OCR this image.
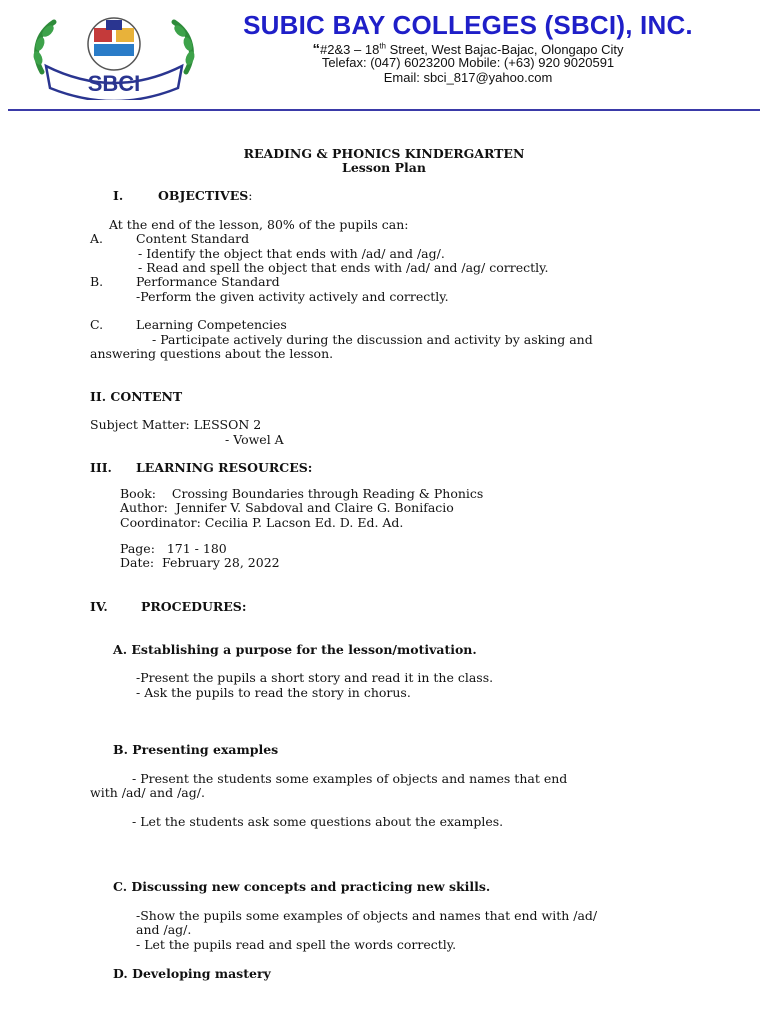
SBCI
SUBIC BAY COLLEGES (SBCI), INC.
“#2&3 – 18th Street, West Bajac-Bajac, Olongapo City
Telefax: (047) 6023200 Mobile: (+63) 920 9020591
Email: sbci_817@yahoo.com
READING & PHONICS KINDERGARTEN
Lesson Plan
I.	OBJECTIVES:
At the end of the lesson, 80% of the pupils can:
A.	Content Standard
- Identify the object that ends with /ad/ and /ag/.
- Read and spell the object that ends with /ad/ and /ag/ correctly.
B.	Performance Standard
-Perform the given activity actively and correctly.
C.	Learning Competencies
- Participate actively during the discussion and activity by asking and
answering questions about the lesson.
II. CONTENT
Subject Matter: LESSON 2
- Vowel A
III. LEARNING RESOURCES:
Book:    Crossing Boundaries through Reading & Phonics
Author:  Jennifer V. Sabdoval and Claire G. Bonifacio
Coordinator: Cecilia P. Lacson Ed. D. Ed. Ad.
Page:   171 - 180
Date:  February 28, 2022
IV.	PROCEDURES:
A. Establishing a purpose for the lesson/motivation.
-Present the pupils a short story and read it in the class.
- Ask the pupils to read the story in chorus.
B. Presenting examples
- Present the students some examples of objects and names that end
with /ad/ and /ag/.
- Let the students ask some questions about the examples.
C. Discussing new concepts and practicing new skills.
-Show the pupils some examples of objects and names that end with /ad/
and /ag/.
- Let the pupils read and spell the words correctly.
D. Developing mastery
